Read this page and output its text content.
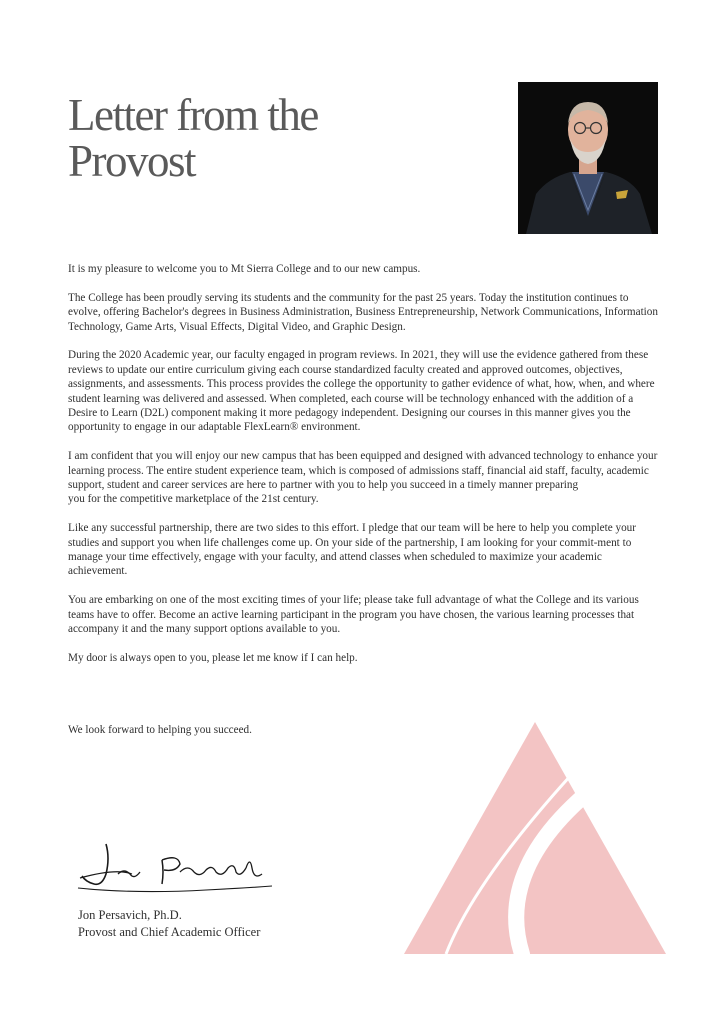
Letter from the
Provost

It is my pleasure to welcome you to Mt Sierra College and to our new campus.

The College has been proudly serving its students and the community for the past 25 years. Today the institution continues to evolve, offering Bachelor's degrees in Business Administration, Business Entrepreneurship, Network Communications, Information Technology, Game Arts, Visual Effects, Digital Video, and Graphic Design.

During the 2020 Academic year, our faculty engaged in program reviews. In 2021, they will use the evidence gathered from these reviews to update our entire curriculum giving each course standardized faculty created and approved outcomes, objectives, assignments, and assessments. This process provides the college the opportunity to gather evidence of what, how, when, and where student learning was delivered and assessed. When completed, each course will be technology enhanced with the addition of a Desire to Learn (D2L) component making it more pedagogy independent. Designing our courses in this manner gives you the opportunity to engage in our adaptable FlexLearn® environment.

I am confident that you will enjoy our new campus that has been equipped and designed with advanced technology to enhance your learning process. The entire student experience team, which is composed of admissions staff, financial aid staff, faculty, academic support, student and career services are here to partner with you to help you succeed in a timely manner preparing

you for the competitive marketplace of the 21st century.

Like any successful partnership, there are two sides to this effort. I pledge that our team will be here to help you complete your studies and support you when life challenges come up. On your side of the partnership, I am looking for your commit-ment to manage your time effectively, engage with your faculty, and attend classes when scheduled to maximize your academic achievement.

You are embarking on one of the most exciting times of your life; please take full advantage of what the College and its various teams have to offer. Become an active learning participant in the program you have chosen, the various learning processes that accompany it and the many support options available to you.

My door is always open to you, please let me know if I can help.

We look forward to helping you succeed.

Jon Persavich, Ph.D.

Provost and Chief Academic Officer
